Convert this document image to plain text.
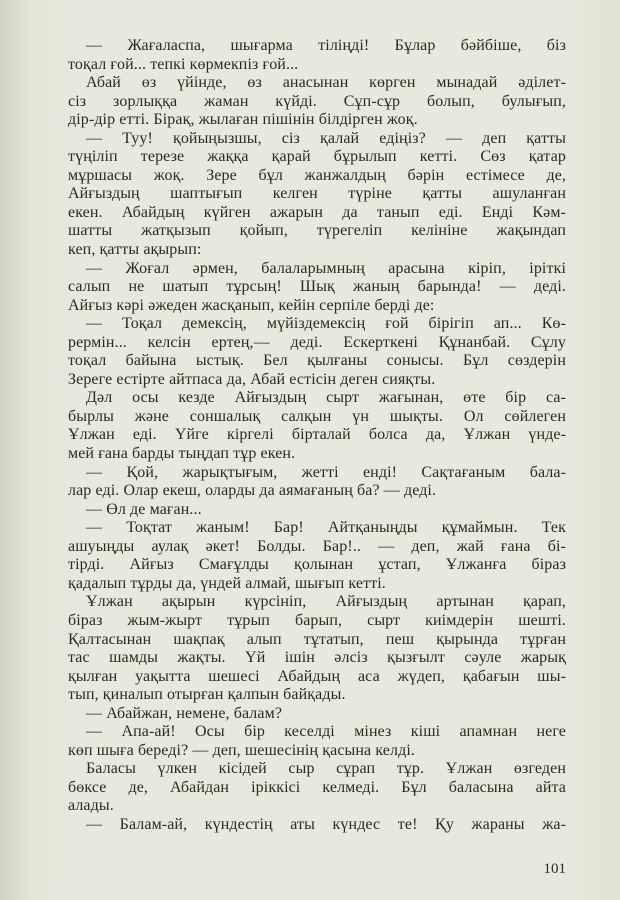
— Жағаласпа, шығарма тіліңді! Бұлар бәйбіше, біз
тоқал ғой... тепкі көрмекпіз ғой...
Абай өз үйінде, өз анасынан көрген мынадай әділет-
сіз зорлыққа жаман күйді. Сұп-сұр болып, булығып,
дір-дір етті. Бірақ, жылаған пішінін білдірген жоқ.
— Туу! қойыңызшы, сіз қалай едіңіз? — деп қатты
түңіліп терезе жаққа қарай бұрылып кетті. Сөз қатар
мұршасы жоқ. Зере бұл жанжалдың бәрін естімесе де,
Айғыздың шаптығып келген түріне қатты ашуланған
екен. Абайдың күйген ажарын да танып еді. Енді Кәм-
шатты жатқызып қойып, түрегеліп келініне жақындап
кеп, қатты ақырып:
— Жоғал әрмен, балаларымның арасына кіріп, іріткі
салып не шатып тұрсың! Шық жаның барында! — деді.
Айғыз кәрі әжеден жасқанып, кейін серпіле берді де:
— Тоқал демексің, мүйіздемексің ғой бірігіп ап... Кө-
рермін... келсін ертең,— деді. Ескерткені Құнанбай. Сұлу
тоқал байына ыстық. Бел қылғаны сонысы. Бұл сөздерін
Зереге естірте айтпаса да, Абай естісін деген сияқты.
Дәл осы кезде Айғыздың сырт жағынан, өте бір са-
бырлы және соншалық салқын үн шықты. Ол сөйлеген
Ұлжан еді. Үйге кіргелі біртaлай болса да, Ұлжан үнде-
мей ғана барды тыңдап тұр екен.
— Қой, жарықтығым, жетті енді! Сақтағаным бала-
лар еді. Олар екеш, оларды да аямағаның ба? — деді.
— Өл де маған...
— Тоқтат жаным! Бар! Айтқаныңды құмаймын. Тек
ашуыңды аулақ әкет! Болды. Бар!.. — деп, жай ғана бі-
тірді. Айғыз Смағұлды қолынан ұстап, Ұлжанға біраз
қадалып тұрды да, үндей алмай, шығып кетті.
Ұлжан ақырын күрсініп, Айғыздың артынан қарап,
біраз жым-жырт тұрып барып, сырт киімдерін шешті.
Қалтасынан шақпақ алып тұтатып, пеш қырында тұрған
тас шамды жақты. Үй ішін әлсіз қызғылт сәуле жарық
қылған уақытта шешесі Абайдың аса жүдеп, қабағын шы-
тып, қиналып отырған қалпын байқады.
— Абайжан, немене, балам?
— Апа-ай! Осы бір кеселді мінез кіші апамнан неге
көп шыға береді? — деп, шешесінің қасына келді.
Баласы үлкен кісідей сыр сұрап тұр. Ұлжан өзгеден
бөксе де, Абайдан іріккісі келмеді. Бұл баласына айта
алады.
— Балам-ай, күндестің аты күндес те! Қу жараны жа-
101
